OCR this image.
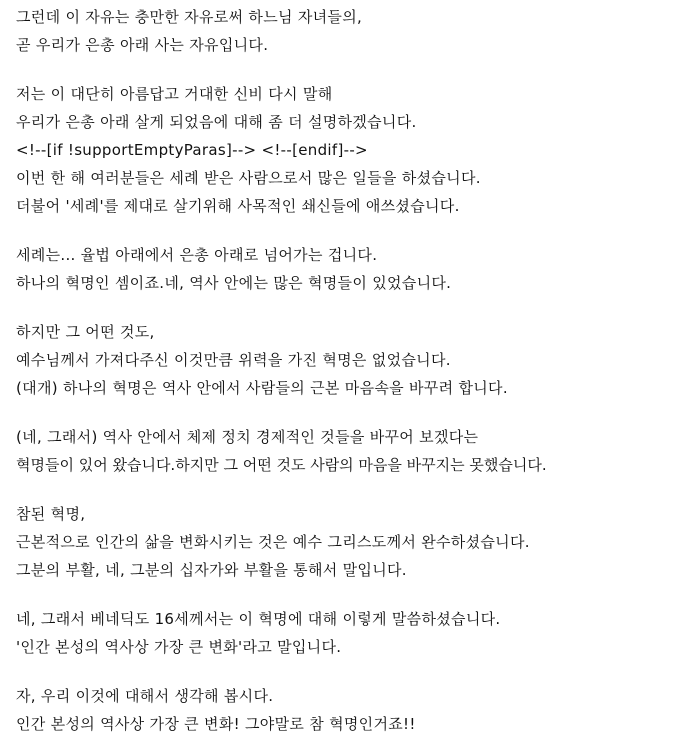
그런데 이 자유는 충만한 자유로써 하느님 자녀들의,
곧 우리가 은총 아래 사는 자유입니다.
저는 이 대단히 아름답고 거대한 신비 다시 말해
우리가 은총 아래 살게 되었음에 대해 좀 더 설명하겠습니다.
<!--[if !supportEmptyParas]--> <!--[endif]-->
이번 한 해 여러분들은 세례 받은 사람으로서 많은 일들을 하셨습니다.
더불어 '세례'를 제대로 살기위해 사목적인 쇄신들에 애쓰셨습니다.
세례는... 율법 아래에서 은총 아래로 넘어가는 겁니다.
하나의 혁명인 셈이죠.네, 역사 안에는 많은 혁명들이 있었습니다.
하지만 그 어떤 것도,
예수님께서 가져다주신 이것만큼 위력을 가진 혁명은 없었습니다.
(대개) 하나의 혁명은 역사 안에서 사람들의 근본 마음속을 바꾸려 합니다.
(네, 그래서) 역사 안에서 체제 정치 경제적인 것들을 바꾸어 보겠다는
혁명들이 있어 왔습니다.하지만 그 어떤 것도 사람의 마음을 바꾸지는 못했습니다.
참된 혁명,
근본적으로 인간의 삶을 변화시키는 것은 예수 그리스도께서 완수하셨습니다.
그분의 부활, 네, 그분의 십자가와 부활을 통해서 말입니다.
네, 그래서 베네딕도 16세께서는 이 혁명에 대해 이렇게 말씀하셨습니다.
'인간 본성의 역사상 가장 큰 변화'라고 말입니다.
자, 우리 이것에 대해서 생각해 봅시다.
인간 본성의 역사상 가장 큰 변화! 그야말로 참 혁명인거죠!!
